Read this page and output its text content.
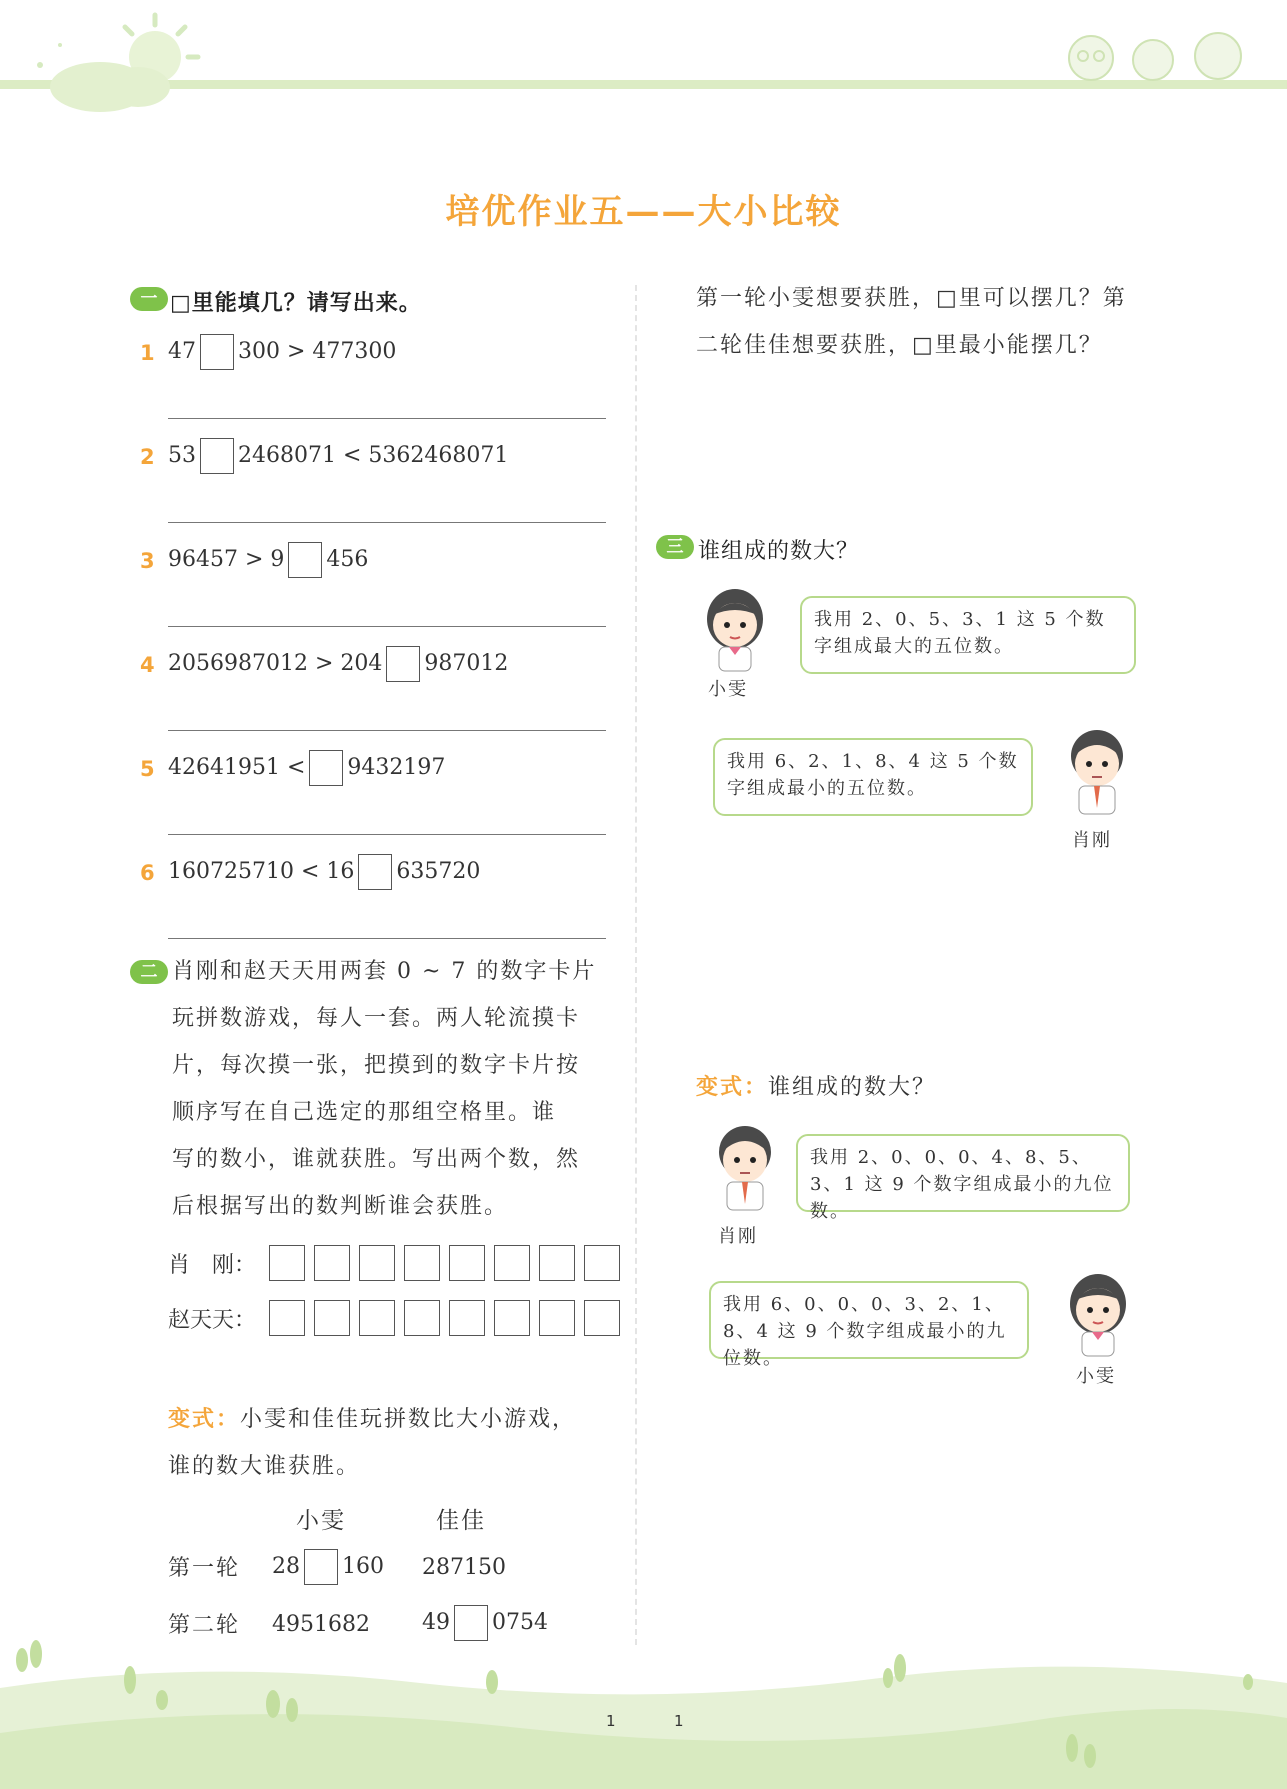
培优作业五——大小比较
一 □里能填几？请写出来。
1 47 300 > 477300
2 53 2468071 < 5362468071
3 96457 > 9 456
4 2056987012 > 204 987012
5 42641951 < 9432197
6 160725710 < 16 635720
二 肖刚和赵天天用两套 0 ~ 7 的数字卡片
玩拼数游戏，每人一套。两人轮流摸卡
片，每次摸一张，把摸到的数字卡片按
顺序写在自己选定的那组空格里。谁
写的数小，谁就获胜。写出两个数，然
后根据写出的数判断谁会获胜。
肖　刚：
赵天天：
变式：小雯和佳佳玩拼数比大小游戏，
谁的数大谁获胜。
小雯	佳佳
第一轮 28 160 287150
第二轮 4951682 49 0754
第一轮小雯想要获胜，□里可以摆几？第
二轮佳佳想要获胜，□里最小能摆几？
三 谁组成的数大？
小雯
我用 2、0、5、3、1 这 5 个数字组成最大的五位数。
我用 6、2、1、8、4 这 5 个数字组成最小的五位数。
肖刚
变式：谁组成的数大？
肖刚
我用 2、0、0、0、4、8、5、3、1 这 9 个数字组成最小的九位数。
我用 6、0、0、0、3、2、1、8、4 这 9 个数字组成最小的九位数。
小雯
1	1
